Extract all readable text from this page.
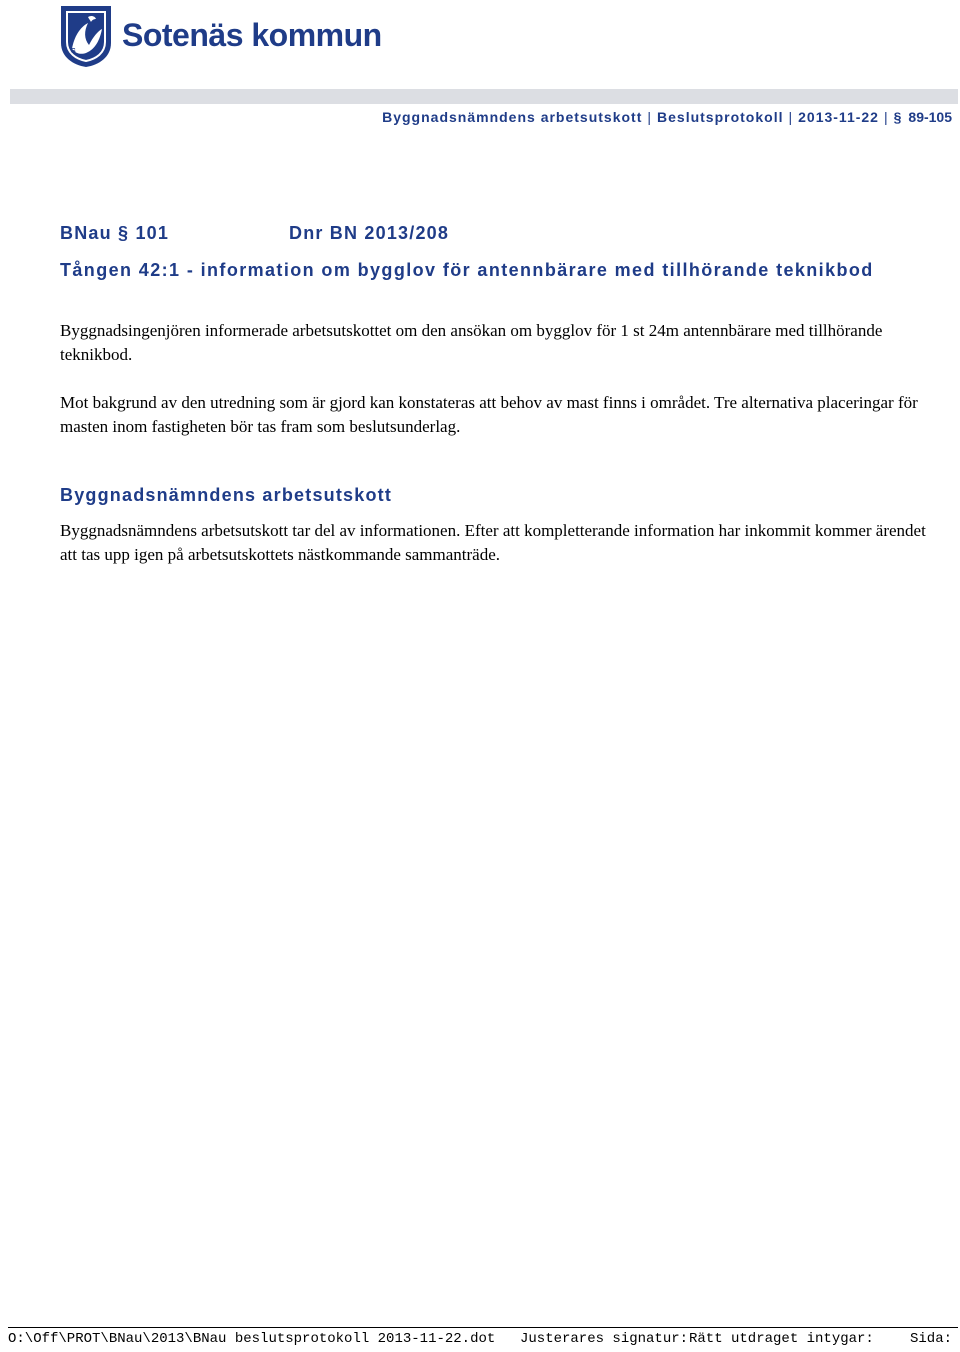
S Sotenäs kommun
Byggnadsnämndens arbetsutskott | Beslutsprotokoll | 2013-11-22 | § 89-105
BNau § 101	Dnr BN 2013/208
Tången 42:1 - information om bygglov för antennbärare med tillhörande teknikbod

Byggnadsingenjören informerade arbetsutskottet om den ansökan om bygglov för 1 st 24m antennbärare med tillhörande teknikbod.

Mot bakgrund av den utredning som är gjord kan konstateras att behov av mast finns i området. Tre alternativa placeringar för masten inom fastigheten bör tas fram som beslutsunderlag.

Byggnadsnämndens arbetsutskott

Byggnadsnämndens arbetsutskott tar del av informationen. Efter att kompletterande information har inkommit kommer ärendet att tas upp igen på arbetsutskottets nästkommande sammanträde.

O:\Off\PROT\BNau\2013\BNau beslutsprotokoll 2013-11-22.dot Justerares signatur: Rätt utdraget intygar:	Sida:
